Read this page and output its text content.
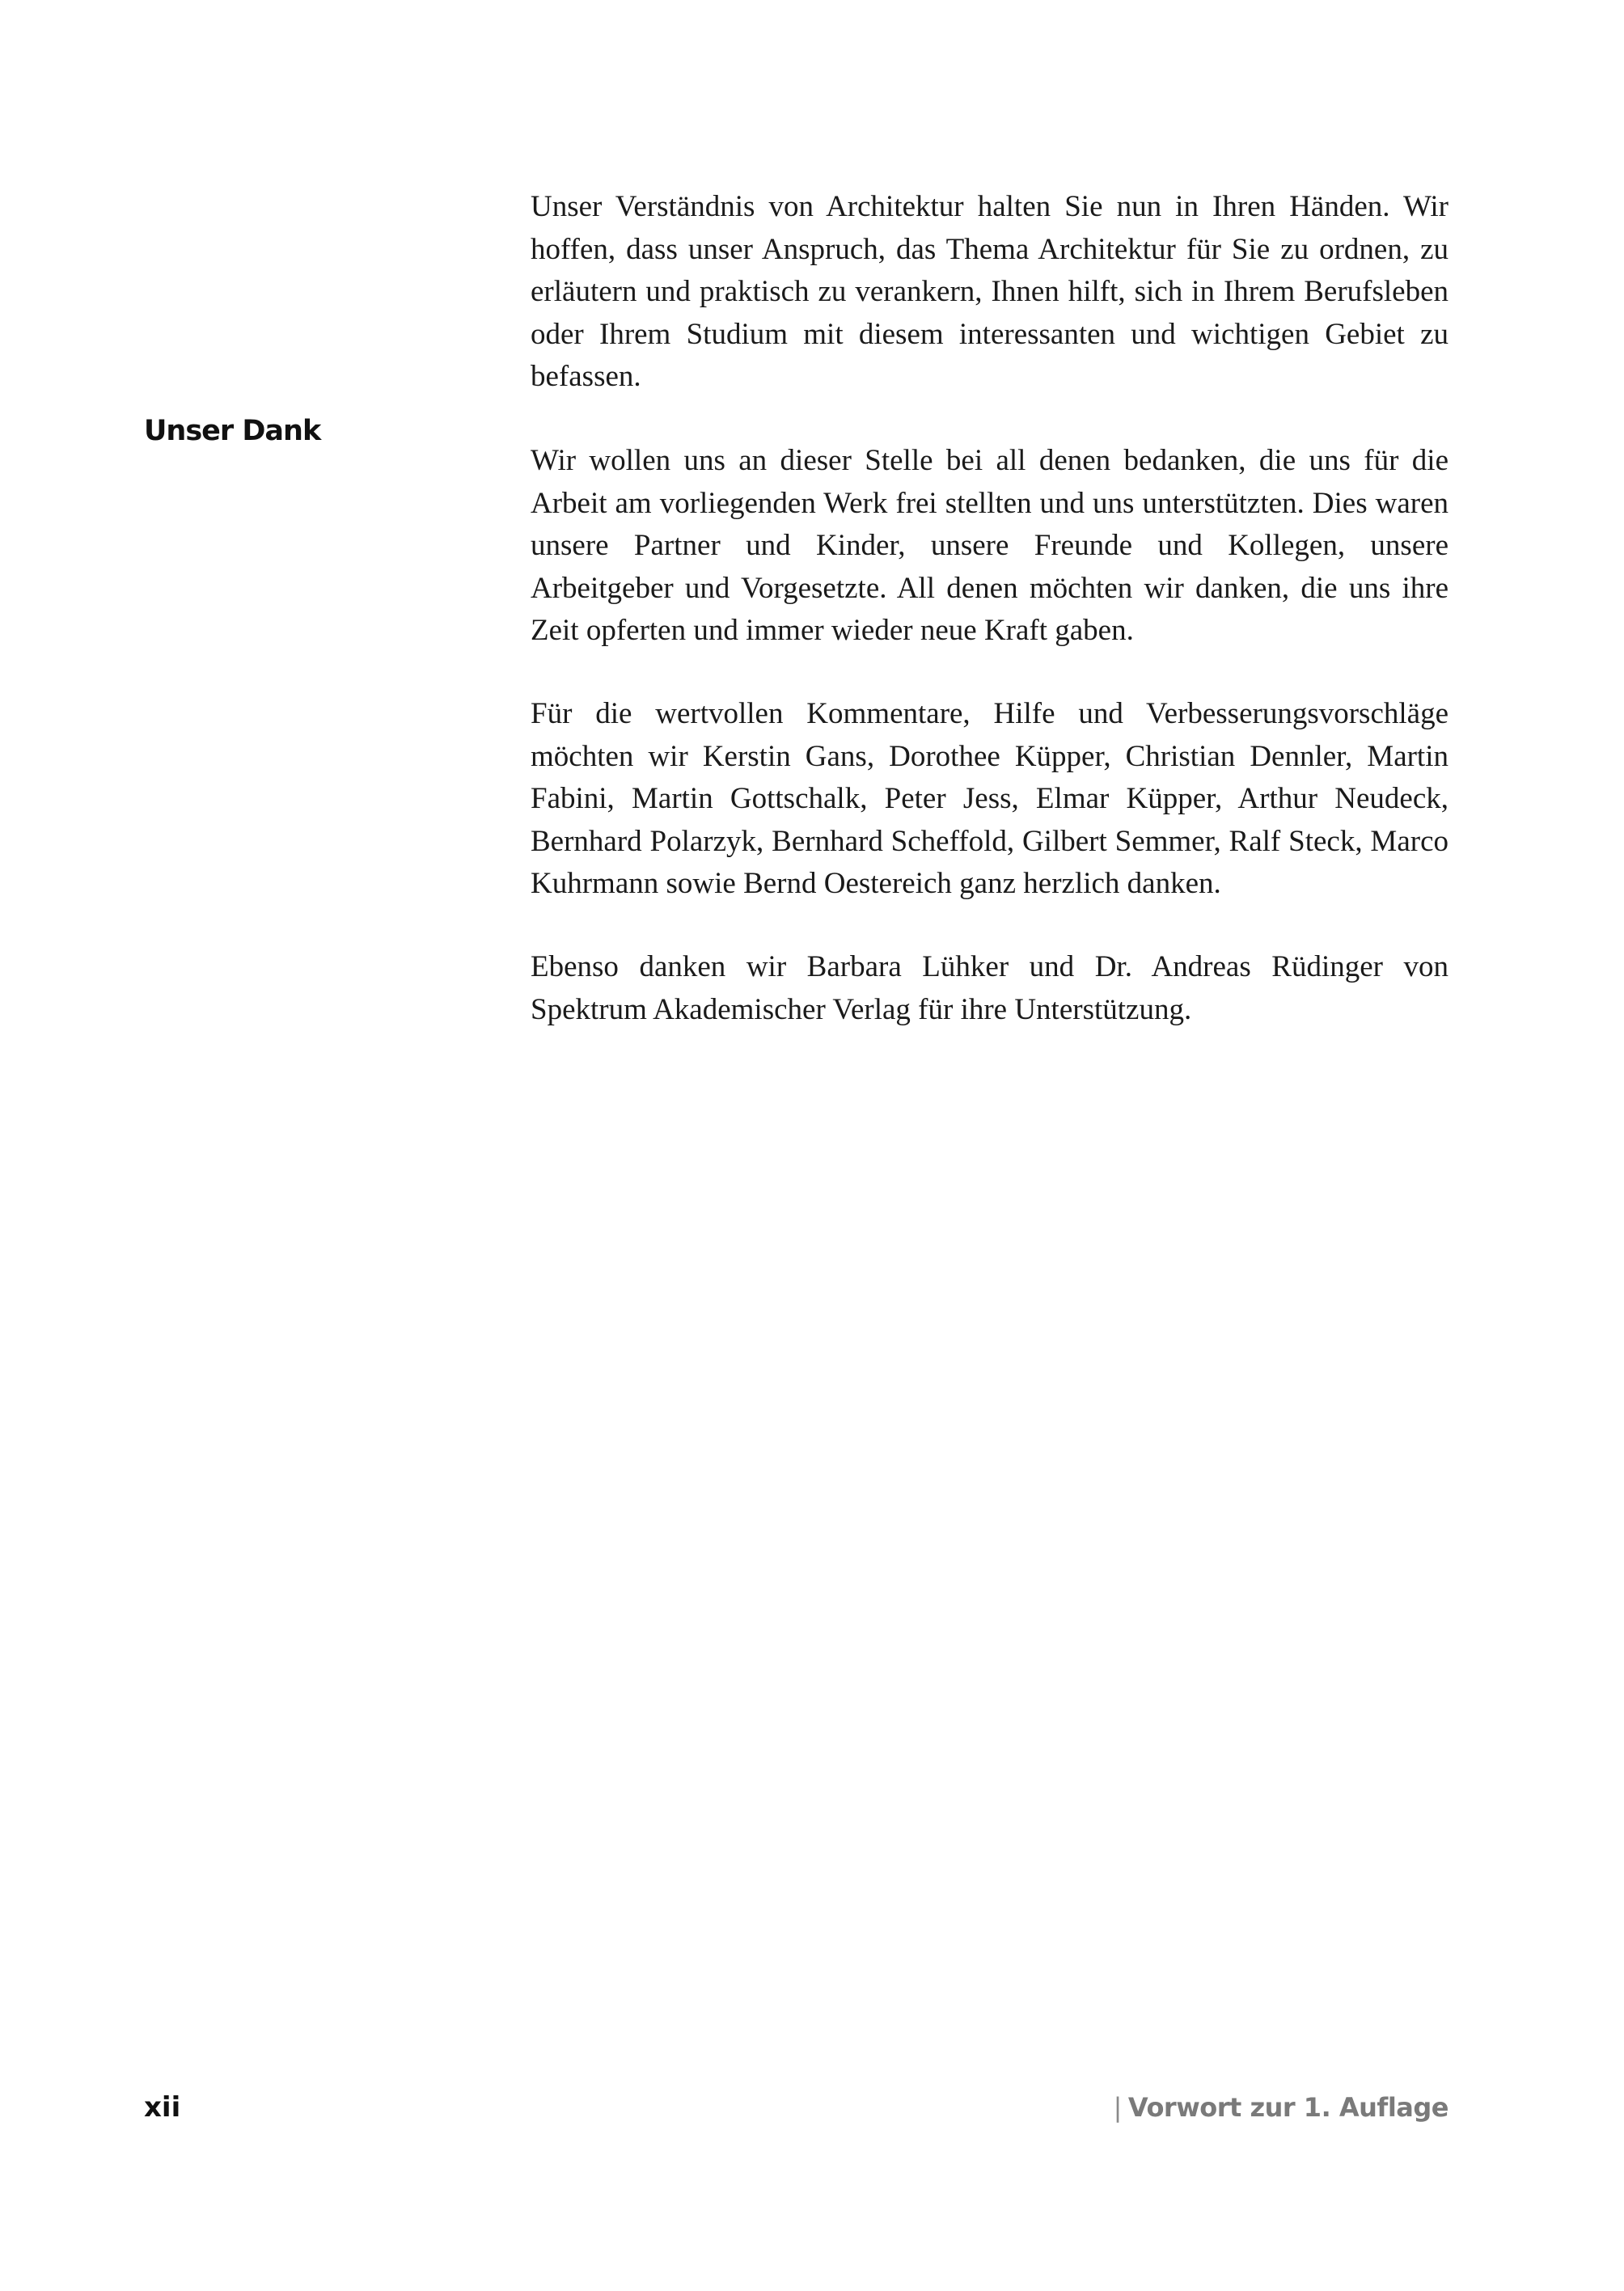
Unser Verständnis von Architektur halten Sie nun in Ihren Händen. Wir hoffen, dass unser Anspruch, das Thema Architektur für Sie zu ordnen, zu erläutern und praktisch zu verankern, Ihnen hilft, sich in Ihrem Berufsleben oder Ihrem Studium mit diesem interessanten und wichtigen Gebiet zu befassen.

Unser Dank

Wir wollen uns an dieser Stelle bei all denen bedanken, die uns für die Arbeit am vorliegenden Werk frei stellten und uns unterstützten. Dies waren unsere Partner und Kinder, unsere Freunde und Kollegen, unsere Arbeitgeber und Vorgesetzte. All denen möchten wir danken, die uns ihre Zeit opferten und immer wieder neue Kraft gaben.

Für die wertvollen Kommentare, Hilfe und Verbesserungsvorschläge möchten wir Kerstin Gans, Dorothee Küpper, Christian Dennler, Martin Fabini, Martin Gottschalk, Peter Jess, Elmar Küpper, Arthur Neudeck, Bernhard Polarzyk, Bernhard Scheffold, Gilbert Semmer, Ralf Steck, Marco Kuhrmann sowie Bernd Oestereich ganz herzlich danken.

Ebenso danken wir Barbara Lühker und Dr. Andreas Rüdinger von Spektrum Akademischer Verlag für ihre Unterstützung.

xii	| Vorwort zur 1. Auflage
